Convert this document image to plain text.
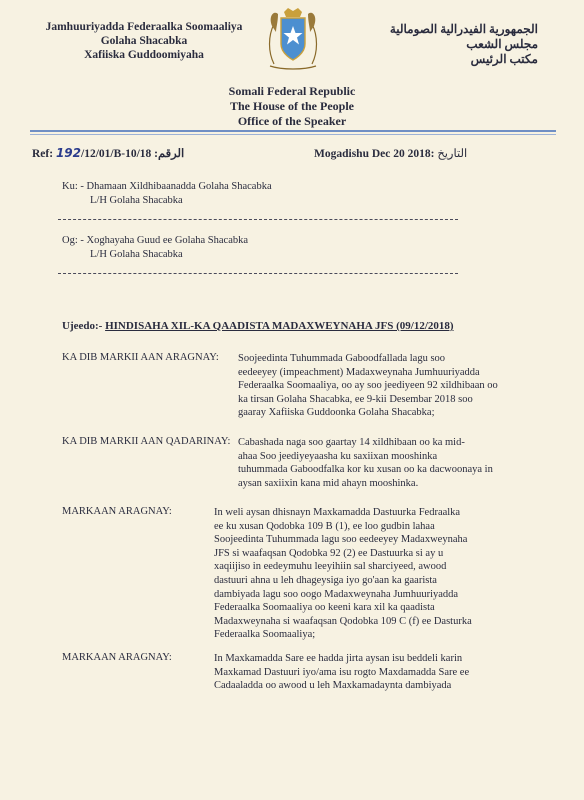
Jamhuuriyadda Federaalka Soomaaliya
Golaha Shacabka
Xafiiska Guddoomiyaha
الجمهورية الفيدرالية الصومالية
مجلس الشعب
مكتب الرئيس
Somali Federal Republic
The House of the People
Office of the Speaker
Ref: 192/12/01/B-10/18 الرقم:	Mogadishu Dec 20 2018: التاريخ
Ku: - Dhamaan Xildhibaanadda Golaha Shacabka
L/H Golaha Shacabka
Og: - Xoghayaha Guud ee Golaha Shacabka
L/H Golaha Shacabka
Ujeedo:- HINDISAHA XIL-KA QAADISTA MADAXWEYNAHA JFS (09/12/2018)
KA DIB MARKII AAN ARAGNAY: Soojeedinta Tuhummada Gaboodfallada lagu soo
eedeeyey (impeachment) Madaxweynaha Jumhuuriyadda
Federaalka Soomaaliya, oo ay soo jeediyeen 92 xildhibaan oo
ka tirsan Golaha Shacabka, ee 9-kii Desembar 2018 soo
gaaray Xafiiska Guddoonka Golaha Shacabka;
KA DIB MARKII AAN QADARINAY: Cabashada naga soo gaartay 14 xildhibaan oo ka mid-
ahaa Soo jeediyeyaasha ku saxiixan mooshinka
tuhummada Gaboodfalka kor ku xusan oo ka dacwoonaya in
aysan saxiixin kana mid ahayn mooshinka.
MARKAAN ARAGNAY:	In weli aysan dhisnayn Maxkamadda Dastuurka Fedraalka
ee ku xusan Qodobka 109 B (1), ee loo gudbin lahaa
Soojeedinta Tuhummada lagu soo eedeeyey Madaxweynaha
JFS si waafaqsan Qodobka 92 (2) ee Dastuurka si ay u
xaqiijiso in eedeymuhu leeyihiin sal sharciyeed, awood
dastuuri ahna u leh dhageysiga iyo go'aan ka gaarista
dambiyada lagu soo oogo Madaxweynaha Jumhuuriyadda
Federaalka Soomaaliya oo keeni kara xil ka qaadista
Madaxweynaha si waafaqsan Qodobka 109 C (f) ee Dasturka
Federaalka Soomaaliya;
MARKAAN ARAGNAY:	In Maxkamadda Sare ee hadda jirta aysan isu beddeli karin
Maxkamad Dastuuri iyo/ama isu rogto Maxdamadda Sare ee
Cadaaladda oo awood u leh Maxkamadaynta dambiyada
